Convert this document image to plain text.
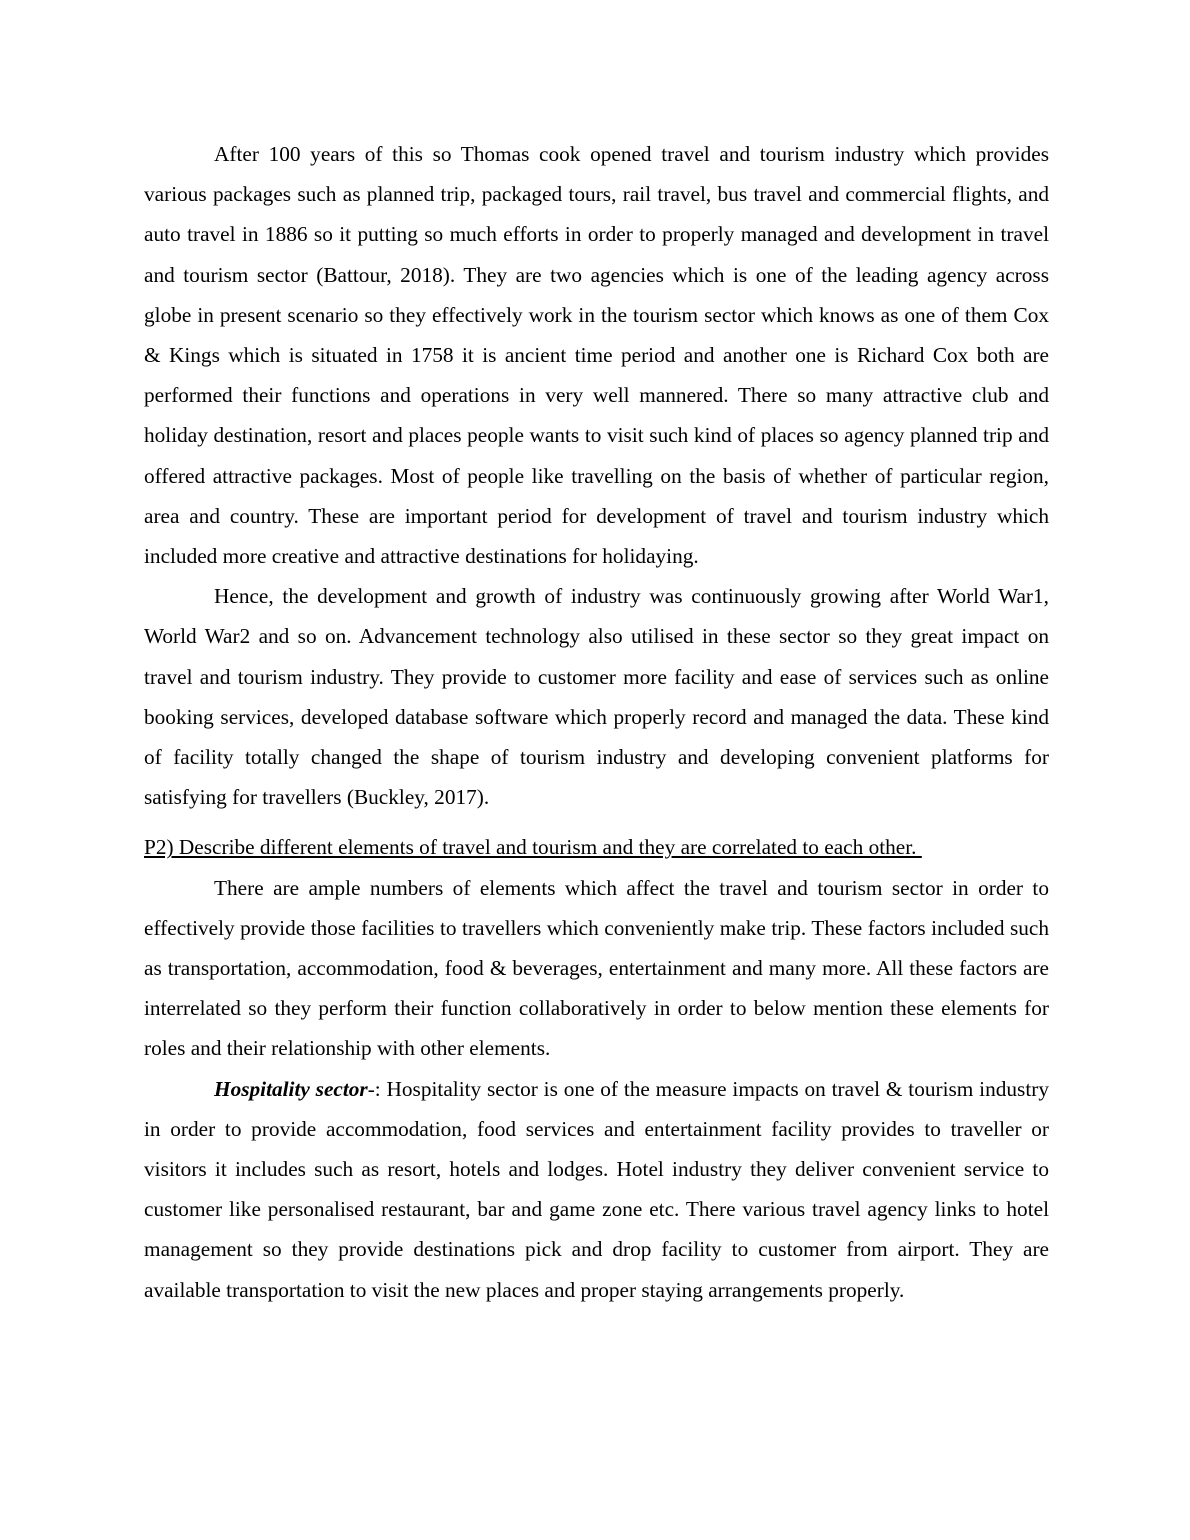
After 100 years of this so Thomas cook opened travel and tourism industry which provides various packages such as planned trip, packaged tours, rail travel, bus travel and commercial flights, and auto travel in 1886 so it putting so much efforts in order to properly managed and development in travel and tourism sector (Battour, 2018). They are two agencies which is one of the leading agency across globe in present scenario so they effectively work in the tourism sector which knows as one of them Cox & Kings which is situated in 1758 it is ancient time period and another one is Richard Cox both are performed their functions and operations in very well mannered. There so many attractive club and holiday destination, resort and places people wants to visit such kind of places so agency planned trip and offered attractive packages. Most of people like travelling on the basis of whether of particular region, area and country. These are important period for development of travel and tourism industry which included more creative and attractive destinations for holidaying.

Hence, the development and growth of industry was continuously growing after World War1, World War2 and so on. Advancement technology also utilised in these sector so they great impact on travel and tourism industry. They provide to customer more facility and ease of services such as online booking services, developed database software which properly record and managed the data. These kind of facility totally changed the shape of tourism industry and developing convenient platforms for satisfying for travellers (Buckley, 2017).

P2) Describe different elements of travel and tourism and they are correlated to each other.

There are ample numbers of elements which affect the travel and tourism sector in order to effectively provide those facilities to travellers which conveniently make trip. These factors included such as transportation, accommodation, food & beverages, entertainment and many more. All these factors are interrelated so they perform their function collaboratively in order to below mention these elements for roles and their relationship with other elements.

Hospitality sector-: Hospitality sector is one of the measure impacts on travel & tourism industry in order to provide accommodation, food services and entertainment facility provides to traveller or visitors it includes such as resort, hotels and lodges. Hotel industry they deliver convenient service to customer like personalised restaurant, bar and game zone etc. There various travel agency links to hotel management so they provide destinations pick and drop facility to customer from airport. They are available transportation to visit the new places and proper staying arrangements properly.
